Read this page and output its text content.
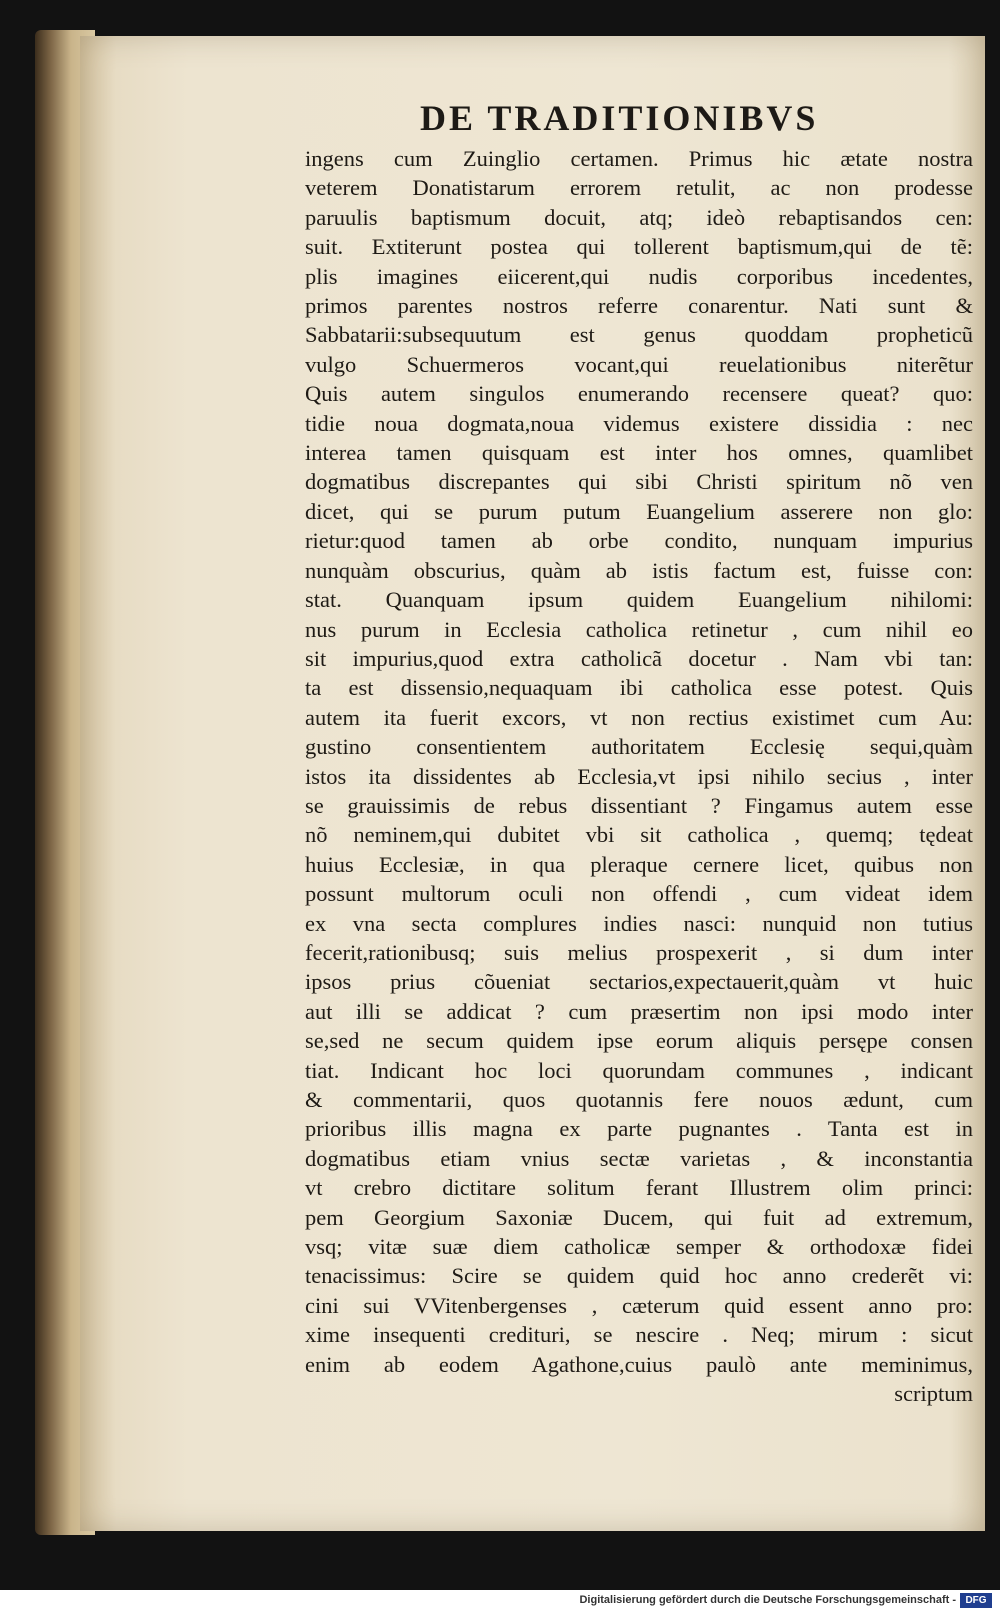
DE TRADITIONIBVS

ingens cum Zuinglio certamen. Primus hic ætate nostra
veterem Donatistarum errorem retulit, ac non prodesse
paruulis baptismum docuit, atq; ideò rebaptisandos cen:
suit. Extiterunt postea qui tollerent baptismum,qui de tẽ:
plis imagines eiicerent,qui nudis corporibus incedentes,
primos parentes nostros referre conarentur. Nati sunt &
Sabbatarii:subsequutum est genus quoddam propheticũ
vulgo Schuermeros vocant,qui reuelationibus niterẽtur
Quis autem singulos enumerando recensere queat? quo:
tidie noua dogmata,noua videmus existere dissidia : nec
interea tamen quisquam est inter hos omnes, quamlibet
dogmatibus discrepantes qui sibi Christi spiritum nõ ven
dicet, qui se purum putum Euangelium asserere non glo:
rietur:quod tamen ab orbe condito, nunquam impurius
nunquàm obscurius, quàm ab istis factum est, fuisse con:
stat. Quanquam ipsum quidem Euangelium nihilomi:
nus purum in Ecclesia catholica retinetur , cum nihil eo
sit impurius,quod extra catholicã docetur . Nam vbi tan:
ta est dissensio,nequaquam ibi catholica esse potest. Quis
autem ita fuerit excors, vt non rectius existimet cum Au:
gustino consentientem authoritatem Ecclesię sequi,quàm
istos ita dissidentes ab Ecclesia,vt ipsi nihilo secius , inter
se grauissimis de rebus dissentiant ? Fingamus autem esse
nõ neminem,qui dubitet vbi sit catholica , quemq; tędeat
huius Ecclesiæ, in qua pleraque cernere licet, quibus non
possunt multorum oculi non offendi , cum videat idem
ex vna secta complures indies nasci: nunquid non tutius
fecerit,rationibusq; suis melius prospexerit , si dum inter
ipsos prius cõueniat sectarios,expectauerit,quàm vt huic
aut illi se addicat ? cum præsertim non ipsi modo inter
se,sed ne secum quidem ipse eorum aliquis persępe consen
tiat. Indicant hoc loci quorundam communes , indicant
& commentarii, quos quotannis fere nouos ædunt, cum
prioribus illis magna ex parte pugnantes . Tanta est in
dogmatibus etiam vnius sectæ varietas , & inconstantia
vt crebro dictitare solitum ferant Illustrem olim princi:
pem Georgium Saxoniæ Ducem, qui fuit ad extremum,
vsq; vitæ suæ diem catholicæ semper & orthodoxæ fidei
tenacissimus: Scire se quidem quid hoc anno crederẽt vi:
cini sui VVitenbergenses , cæterum quid essent anno pro:
xime insequenti credituri, se nescire . Neq; mirum : sicut
enim ab eodem Agathone,cuius paulò ante meminimus,
scriptum

Digitalisierung gefördert durch die Deutsche Forschungsgemeinschaft - DFG
